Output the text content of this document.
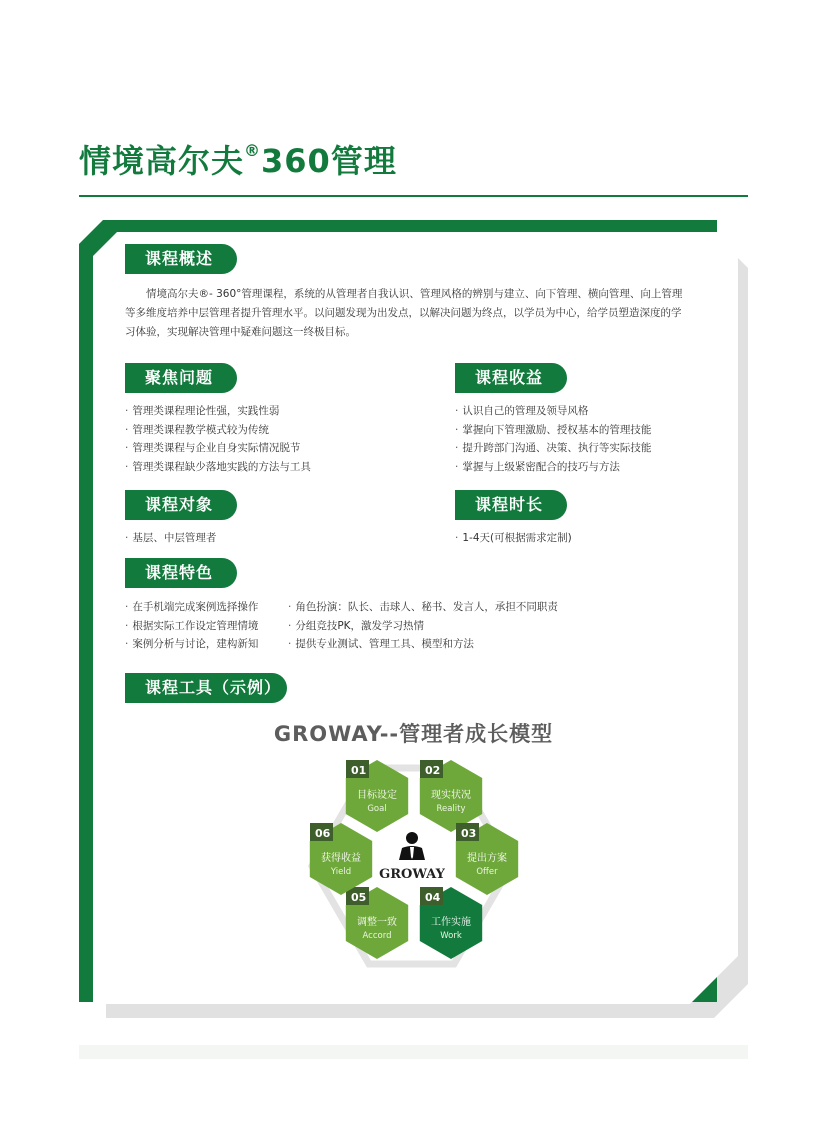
情境高尔夫®360管理
课程概述
情境高尔夫®- 360°管理课程，系统的从管理者自我认识、管理风格的辨别与建立、向下管理、横向管理、向上管理等多维度培养中层管理者提升管理水平。以问题发现为出发点，以解决问题为终点，以学员为中心，给学员塑造深度的学习体验，实现解决管理中疑难问题这一终极目标。
聚焦问题
· 管理类课程理论性强，实践性弱
· 管理类课程教学模式较为传统
· 管理类课程与企业自身实际情况脱节
· 管理类课程缺少落地实践的方法与工具
课程收益
· 认识自己的管理及领导风格
· 掌握向下管理激励、授权基本的管理技能
· 提升跨部门沟通、决策、执行等实际技能
· 掌握与上级紧密配合的技巧与方法
课程对象
· 基层、中层管理者
课程时长
· 1-4天(可根据需求定制)
课程特色
· 在手机端完成案例选择操作
· 根据实际工作设定管理情境
· 案例分析与讨论，建构新知
· 角色扮演：队长、击球人、秘书、发言人，承担不同职责
· 分组竞技PK，激发学习热情
· 提供专业测试、管理工具、模型和方法
课程工具（示例）
GROWAY--管理者成长模型
01
目标设定
Goal
02
现实状况
Reality
03
提出方案
Offer
04
工作实施
Work
05
调整一致
Accord
06
获得收益
Yield GROWAY
